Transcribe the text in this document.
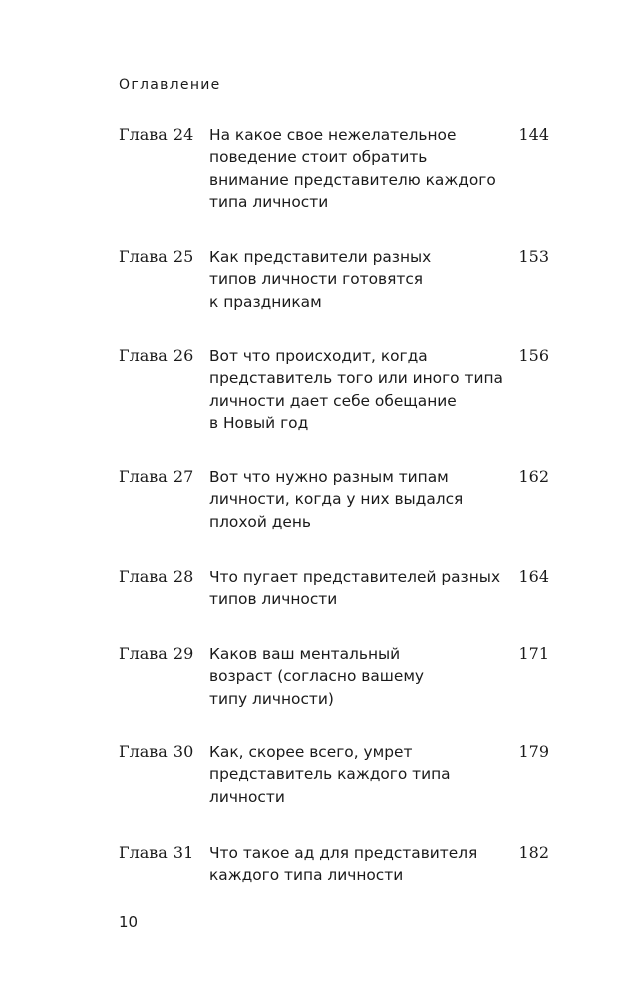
Оглавление
Глава 24 На какое свое нежелательное
поведение стоит обратить
внимание представителю каждого
типа личности
144
Глава 25 Как представители разных
типов личности готовятся
к праздникам
153
Глава 26 Вот что происходит, когда
представитель того или иного типа
личности дает себе обещание
в Новый год
156
Глава 27 Вот что нужно разным типам
личности, когда у них выдался
плохой день
162
Глава 28 Что пугает представителей разных
типов личности
164
Глава 29 Каков ваш ментальный
возраст (согласно вашему
типу личности)
171
Глава 30 Как, скорее всего, умрет
представитель каждого типа
личности
179
Глава 31 Что такое ад для представителя
каждого типа личности
182
10
